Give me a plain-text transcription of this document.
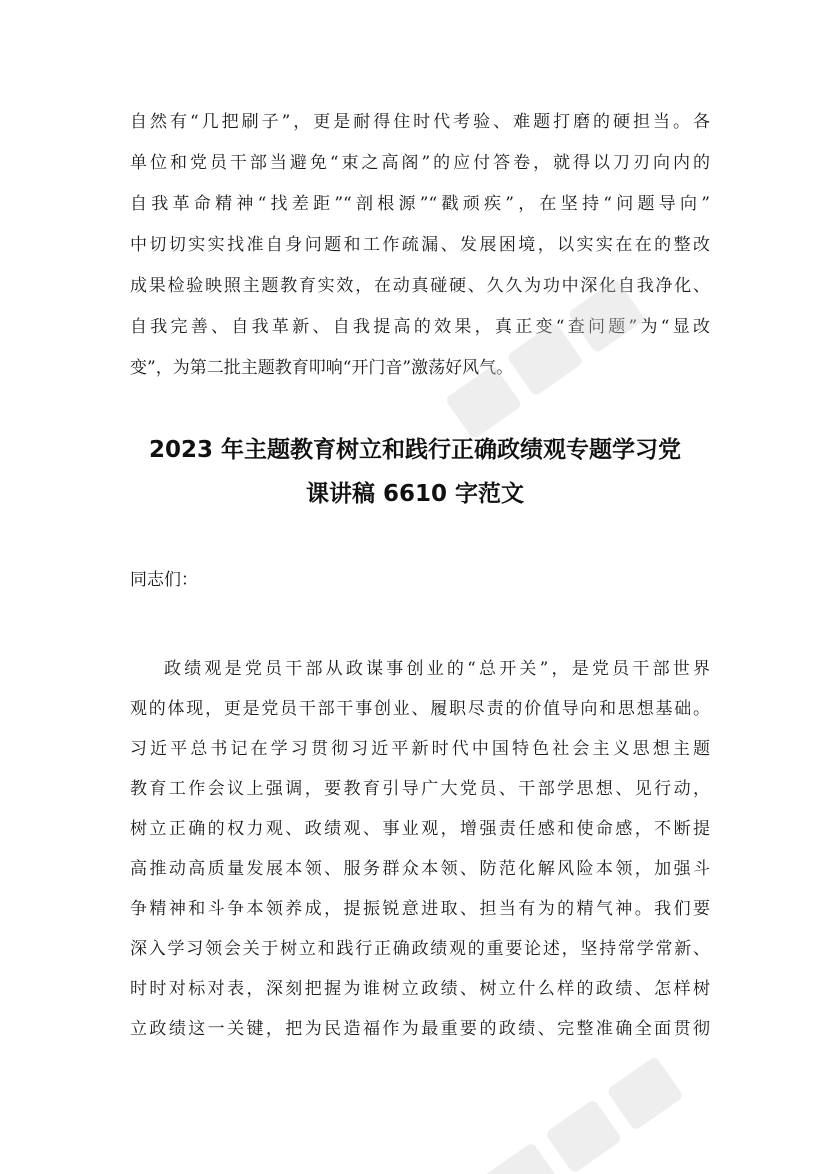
自然有“几把刷子”，更是耐得住时代考验、难题打磨的硬担当。各

单位和党员干部当避免“束之高阁”的应付答卷，就得以刀刃向内的

自我革命精神“找差距”“剖根源”“戳顽疾”，在坚持“问题导向”

中切切实实找准自身问题和工作疏漏、发展困境，以实实在在的整改

成果检验映照主题教育实效，在动真碰硬、久久为功中深化自我净化、

自我完善、自我革新、自我提高的效果，真正变“查问题”为“显改

变”，为第二批主题教育叩响“开门音”激荡好风气。

2023 年主题教育树立和践行正确政绩观专题学习党
课讲稿 6610 字范文

同志们：

政绩观是党员干部从政谋事创业的“总开关”，是党员干部世界

观的体现，更是党员干部干事创业、履职尽责的价值导向和思想基础。

习近平总书记在学习贯彻习近平新时代中国特色社会主义思想主题

教育工作会议上强调，要教育引导广大党员、干部学思想、见行动，

树立正确的权力观、政绩观、事业观，增强责任感和使命感，不断提

高推动高质量发展本领、服务群众本领、防范化解风险本领，加强斗

争精神和斗争本领养成，提振锐意进取、担当有为的精气神。我们要

深入学习领会关于树立和践行正确政绩观的重要论述，坚持常学常新、

时时对标对表，深刻把握为谁树立政绩、树立什么样的政绩、怎样树

立政绩这一关键，把为民造福作为最重要的政绩、完整准确全面贯彻
